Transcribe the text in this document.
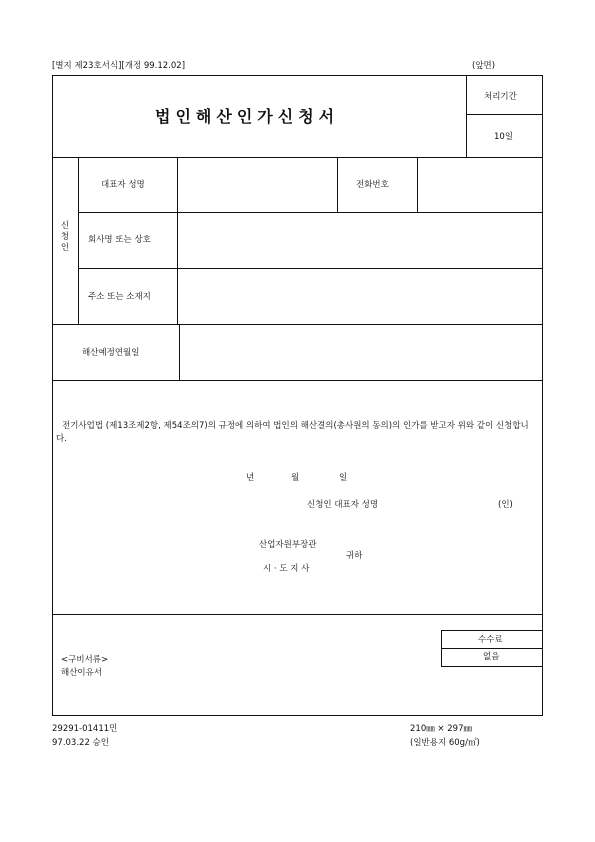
[별지 제23호서식][개정 99.12.02]	(앞면)
법인해산인가신청서
처리기간
10일
신
청
인
대표자 성명	전화번호
회사명 또는 상호
주소 또는 소재지
해산예정연월일
전기사업법 (제13조제2항, 제54조의7)의 규정에 의하여 법인의 해산결의(총사원의 동의)의 인가를 받고자 위와 같이 신청합니다.
년	월	일
신청인 대표자 성명	(인)
산업자원부장관
귀하
시 · 도 지 사
수수료
없음
<구비서류>
해산이유서
29291-01411민
97.03.22 승인
210㎜ × 297㎜
(일반용지 60g/㎡)
